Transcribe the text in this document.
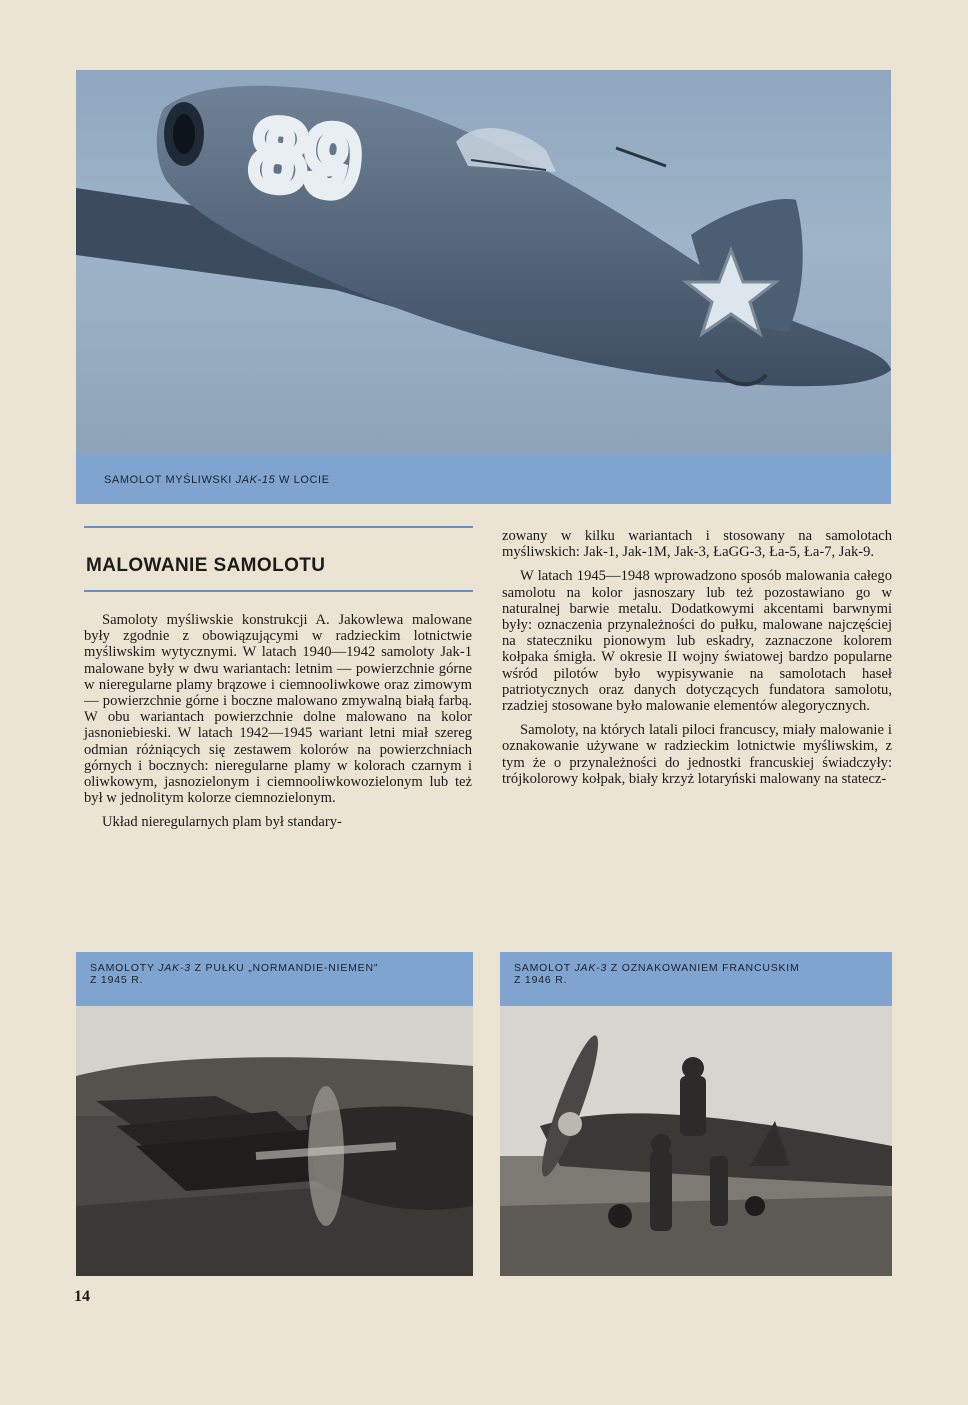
89
SAMOLOT MYŚLIWSKI JAK-15 W LOCIE
MALOWANIE SAMOLOTU

Samoloty myśliwskie konstrukcji A. Jakowlewa malowane były zgodnie z obowiązującymi w radzieckim lotnictwie myśliwskim wytycznymi. W latach 1940—1942 samoloty Jak-1 malowane były w dwu wariantach: letnim — powierzchnie górne w nieregularne plamy brązowe i ciemnooliwkowe oraz zimowym — powierzchnie górne i boczne malowano zmywalną białą farbą. W obu wariantach powierzchnie dolne malowano na kolor jasnoniebieski. W latach 1942—1945 wariant letni miał szereg odmian różniących się zestawem kolorów na powierzchniach górnych i bocznych: nieregularne plamy w kolorach czarnym i oliwkowym, jasnozielonym i ciemnooliwkowozielonym lub też był w jednolitym kolorze ciemnozielonym.

Układ nieregularnych plam był standary-

zowany w kilku wariantach i stosowany na samolotach myśliwskich: Jak-1, Jak-1M, Jak-3, ŁaGG-3, Ła-5, Ła-7, Jak-9.

W latach 1945—1948 wprowadzono sposób malowania całego samolotu na kolor jasnoszary lub też pozostawiano go w naturalnej barwie metalu. Dodatkowymi akcentami barwnymi były: oznaczenia przynależności do pułku, malowane najczęściej na stateczniku pionowym lub eskadry, zaznaczone kolorem kołpaka śmigła. W okresie II wojny światowej bardzo popularne wśród pilotów było wypisywanie na samolotach haseł patriotycznych oraz danych dotyczących fundatora samolotu, rzadziej stosowane było malowanie elementów alegorycznych.

Samoloty, na których latali piloci francuscy, miały malowanie i oznakowanie używane w radzieckim lotnictwie myśliwskim, z tym że o przynależności do jednostki francuskiej świadczyły: trójkolorowy kołpak, biały krzyż lotaryński malowany na statecz-

SAMOLOTY JAK-3 Z PUŁKU „NORMANDIE-NIEMEN"
Z 1945 R.
SAMOLOT JAK-3 Z OZNAKOWANIEM FRANCUSKIM
Z 1946 R.
14
